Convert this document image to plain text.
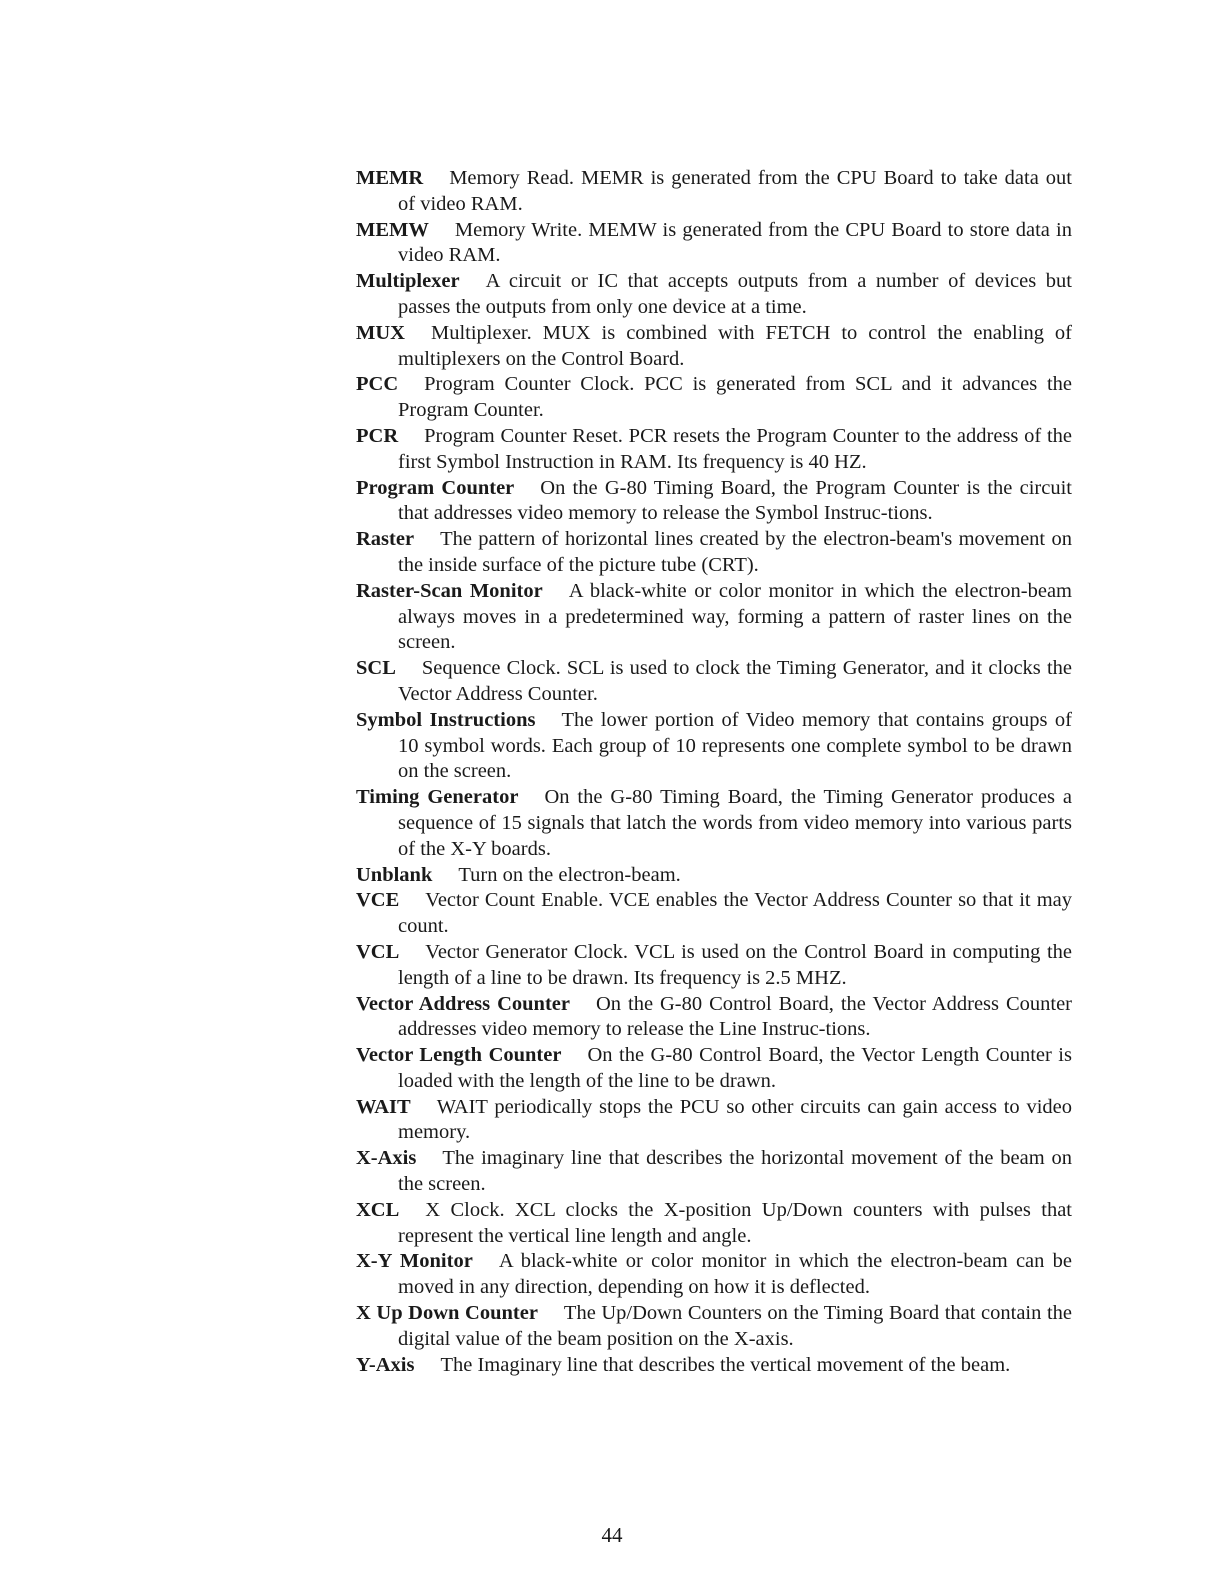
MEMR Memory Read. MEMR is generated from the CPU Board to take data out of video RAM.

MEMW Memory Write. MEMW is generated from the CPU Board to store data in video RAM.

Multiplexer A circuit or IC that accepts outputs from a number of devices but passes the outputs from only one device at a time.

MUX Multiplexer. MUX is combined with FETCH to control the enabling of multiplexers on the Control Board.

PCC Program Counter Clock. PCC is generated from SCL and it advances the Program Counter.

PCR Program Counter Reset. PCR resets the Program Counter to the address of the first Symbol Instruction in RAM. Its frequency is 40 HZ.

Program Counter On the G-80 Timing Board, the Program Counter is the circuit that addresses video memory to release the Symbol Instruc-tions.

Raster The pattern of horizontal lines created by the electron-beam's movement on the inside surface of the picture tube (CRT).

Raster-Scan Monitor A black-white or color monitor in which the electron-beam always moves in a predetermined way, forming a pattern of raster lines on the screen.

SCL Sequence Clock. SCL is used to clock the Timing Generator, and it clocks the Vector Address Counter.

Symbol Instructions The lower portion of Video memory that contains groups of 10 symbol words. Each group of 10 represents one complete symbol to be drawn on the screen.

Timing Generator On the G-80 Timing Board, the Timing Generator produces a sequence of 15 signals that latch the words from video memory into various parts of the X-Y boards.

Unblank Turn on the electron-beam.

VCE Vector Count Enable. VCE enables the Vector Address Counter so that it may count.

VCL Vector Generator Clock. VCL is used on the Control Board in computing the length of a line to be drawn. Its frequency is 2.5 MHZ.

Vector Address Counter On the G-80 Control Board, the Vector Address Counter addresses video memory to release the Line Instruc-tions.

Vector Length Counter On the G-80 Control Board, the Vector Length Counter is loaded with the length of the line to be drawn.

WAIT WAIT periodically stops the PCU so other circuits can gain access to video memory.

X-Axis The imaginary line that describes the horizontal movement of the beam on the screen.

XCL X Clock. XCL clocks the X-position Up/Down counters with pulses that represent the vertical line length and angle.

X-Y Monitor A black-white or color monitor in which the electron-beam can be moved in any direction, depending on how it is deflected.

X Up Down Counter The Up/Down Counters on the Timing Board that contain the digital value of the beam position on the X-axis.

Y-Axis The Imaginary line that describes the vertical movement of the beam.

44
